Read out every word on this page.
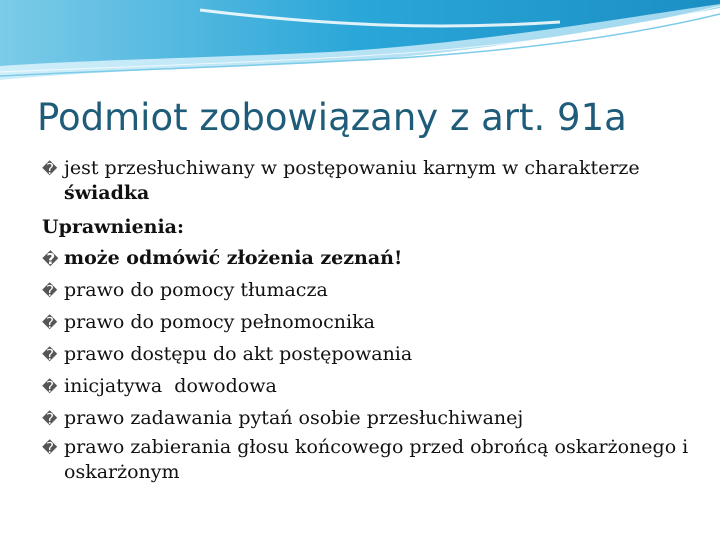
Podmiot zobowiązany z art. 91a

� jest przesłuchiwany w postępowaniu karnym w charakterze świadka

Uprawnienia:

� może odmówić złożenia zeznań!

� prawo do pomocy tłumacza

� prawo do pomocy pełnomocnika

� prawo dostępu do akt postępowania

� inicjatywa  dowodowa

� prawo zadawania pytań osobie przesłuchiwanej

� prawo zabierania głosu końcowego przed obrońcą oskarżonego i oskarżonym
